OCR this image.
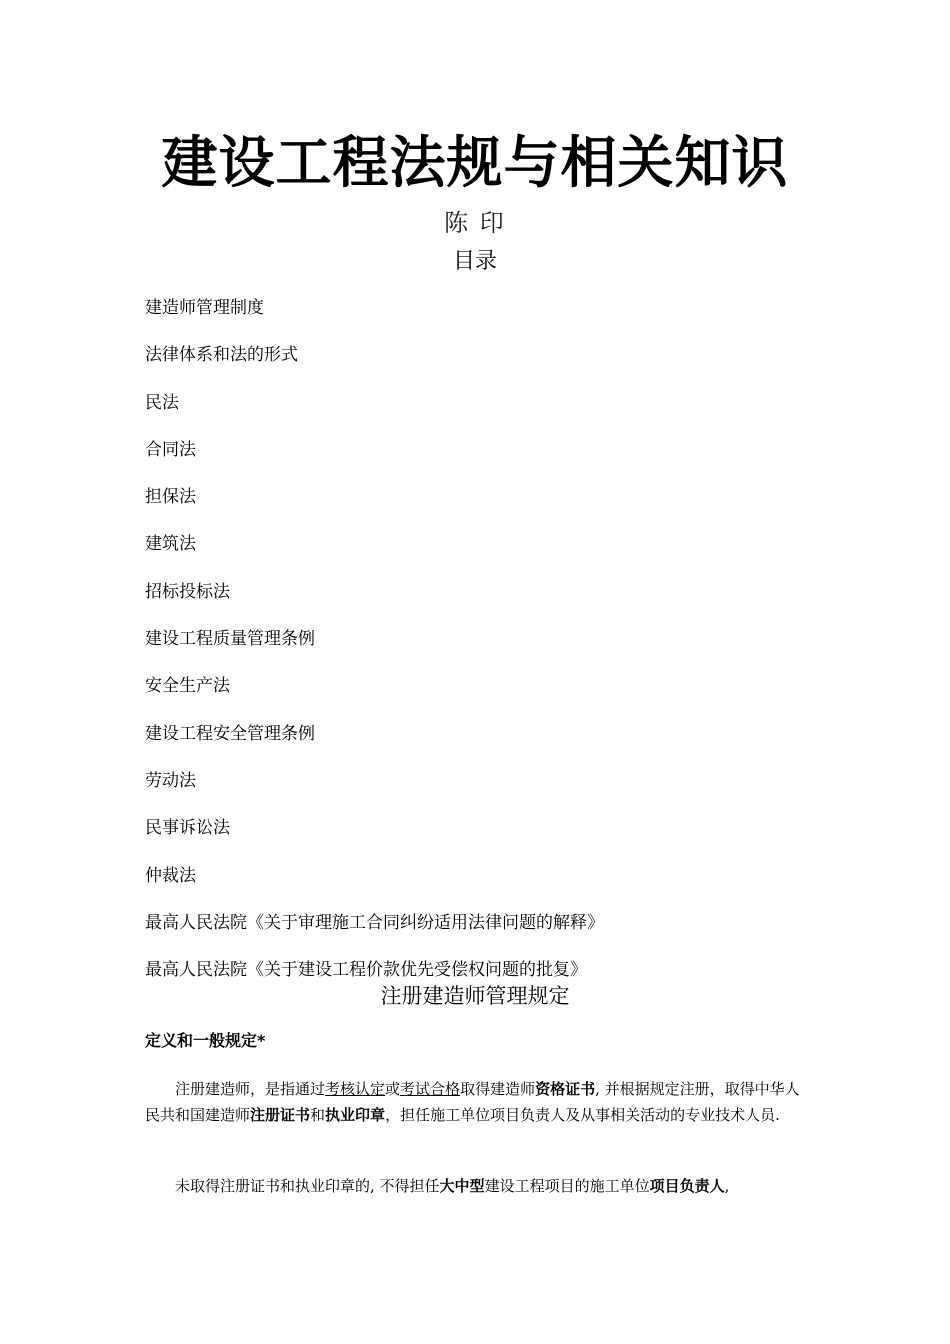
建设工程法规与相关知识
陈 印
目录
建造师管理制度
法律体系和法的形式
民法
合同法
担保法
建筑法
招标投标法
建设工程质量管理条例
安全生产法
建设工程安全管理条例
劳动法
民事诉讼法
仲裁法
最高人民法院《关于审理施工合同纠纷适用法律问题的解释》
最高人民法院《关于建设工程价款优先受偿权问题的批复》
注册建造师管理规定
定义和一般规定*

注册建造师，是指通过考核认定或考试合格取得建造师资格证书, 并根据规定注册，取得中华人民共和国建造师注册证书和执业印章，担任施工单位项目负责人及从事相关活动的专业技术人员.

未取得注册证书和执业印章的, 不得担任大中型建设工程项目的施工单位项目负责人,
